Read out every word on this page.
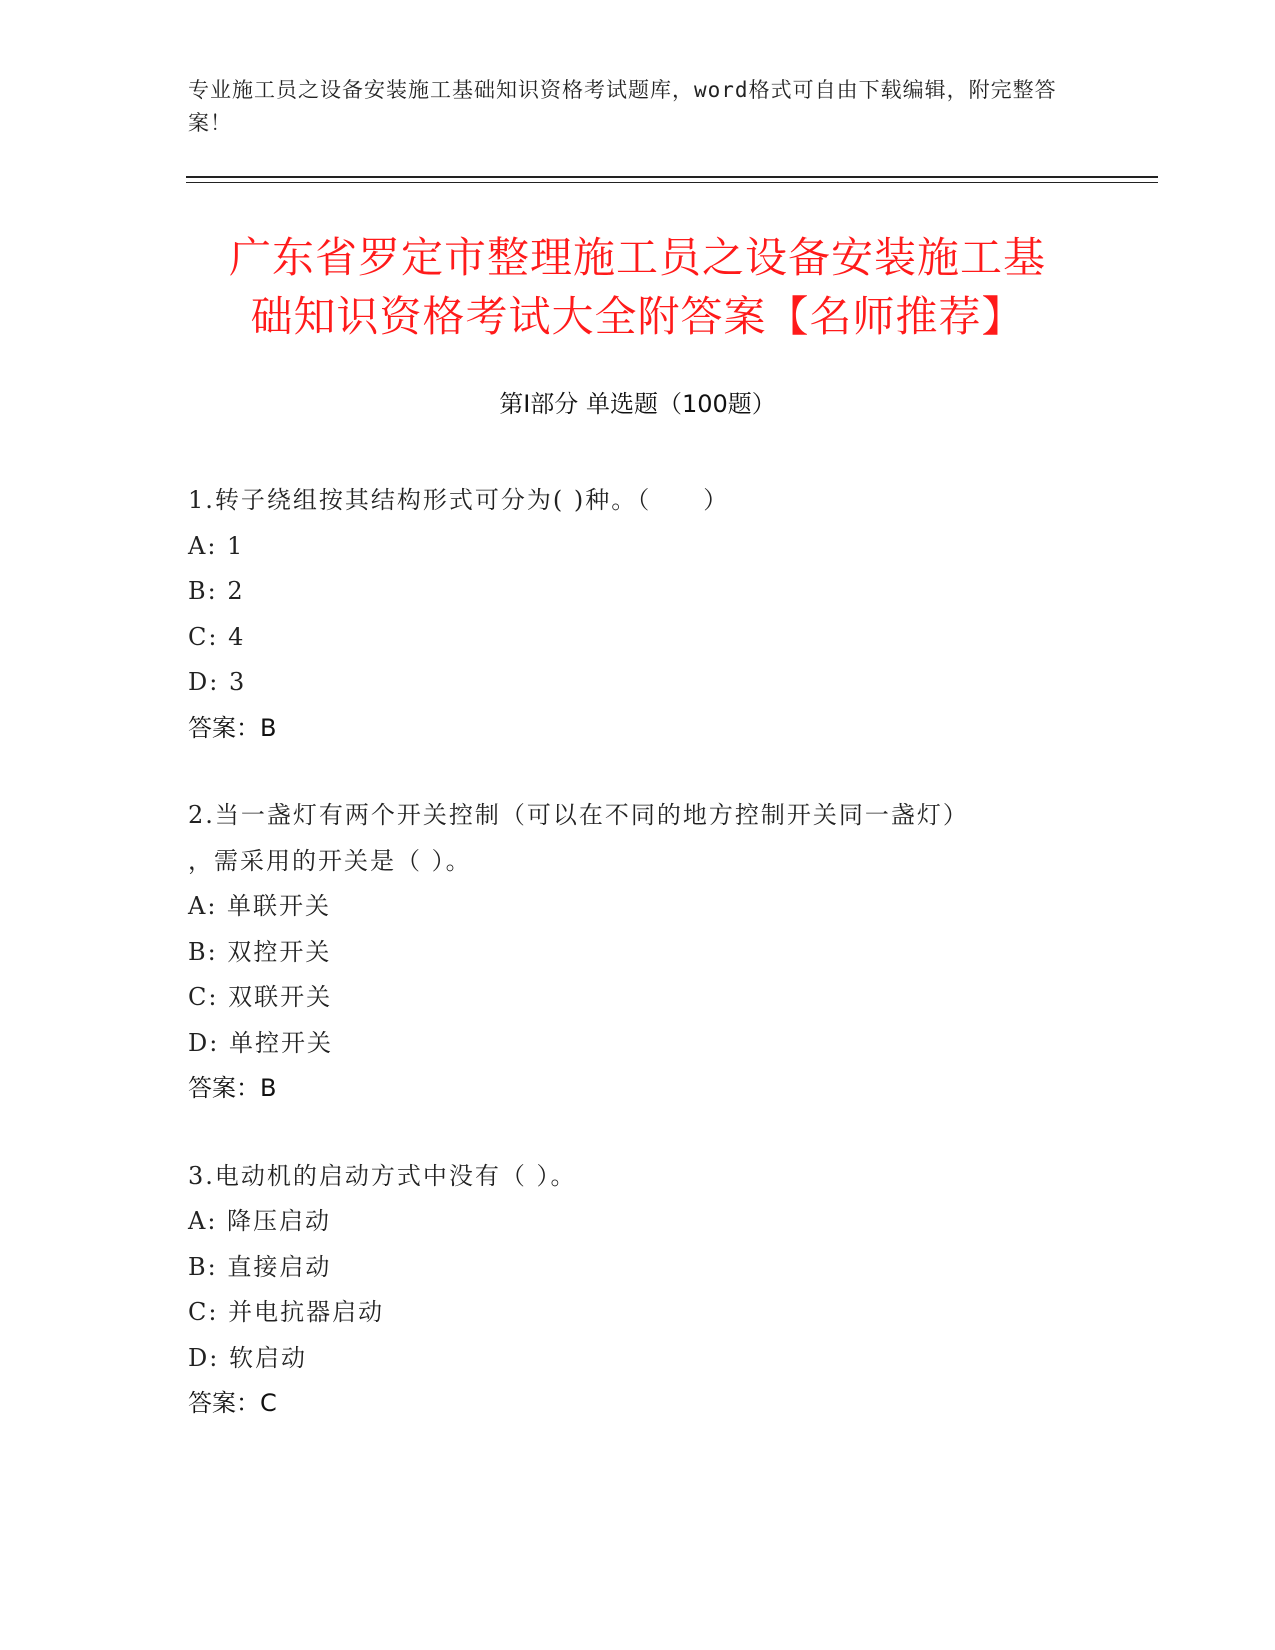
专业施工员之设备安装施工基础知识资格考试题库，word格式可自由下载编辑，附完整答案！
广东省罗定市整理施工员之设备安装施工基
础知识资格考试大全附答案【名师推荐】
第Ⅰ部分 单选题（100题）
1.转子绕组按其结构形式可分为( )种。（　　）
A: 1
B: 2
C: 4
D: 3
答案：B
2.当一盏灯有两个开关控制（可以在不同的地方控制开关同一盏灯）
，需采用的开关是（ ）。
A: 单联开关
B: 双控开关
C: 双联开关
D: 单控开关
答案：B
3.电动机的启动方式中没有（ ）。
A: 降压启动
B: 直接启动
C: 并电抗器启动
D: 软启动
答案：C
